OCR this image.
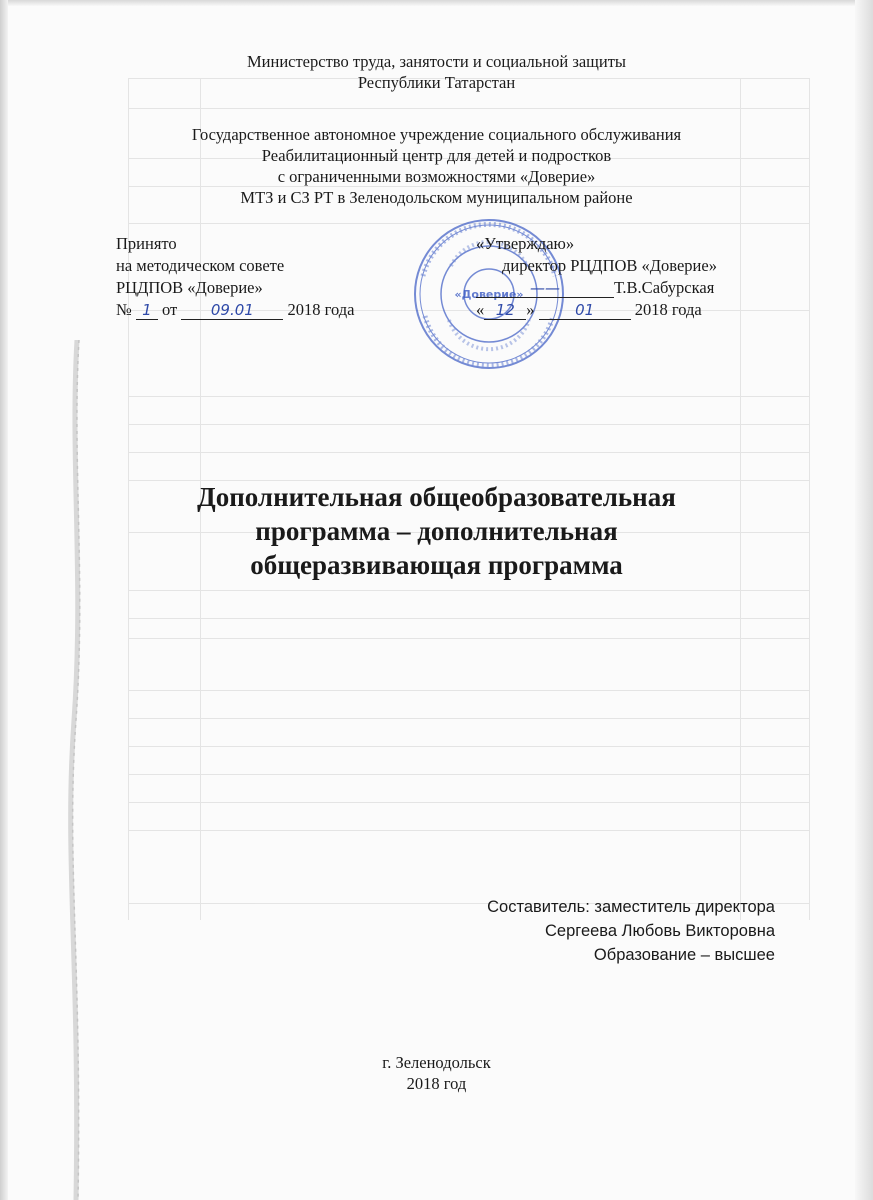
Министерство труда, занятости и социальной защиты
Республики Татарстан
Государственное автономное учреждение социального обслуживания
Реабилитационный центр для детей и подростков
с ограниченными возможностями «Доверие»
МТЗ и СЗ РТ в Зеленодольском муниципальном районе
«Доверие»
Принято
на методическом совете
РЦДПОВ «Доверие»
№ 1 от 09.01 2018 года
«Утверждаю»
директор РЦДПОВ «Доверие»
——	Т.В.Сабурская
« 12 »	01 2018 года
Дополнительная общеобразовательная
программа – дополнительная
общеразвивающая программа
Составитель: заместитель директора
Сергеева Любовь Викторовна
Образование – высшее
г. Зеленодольск
2018 год
